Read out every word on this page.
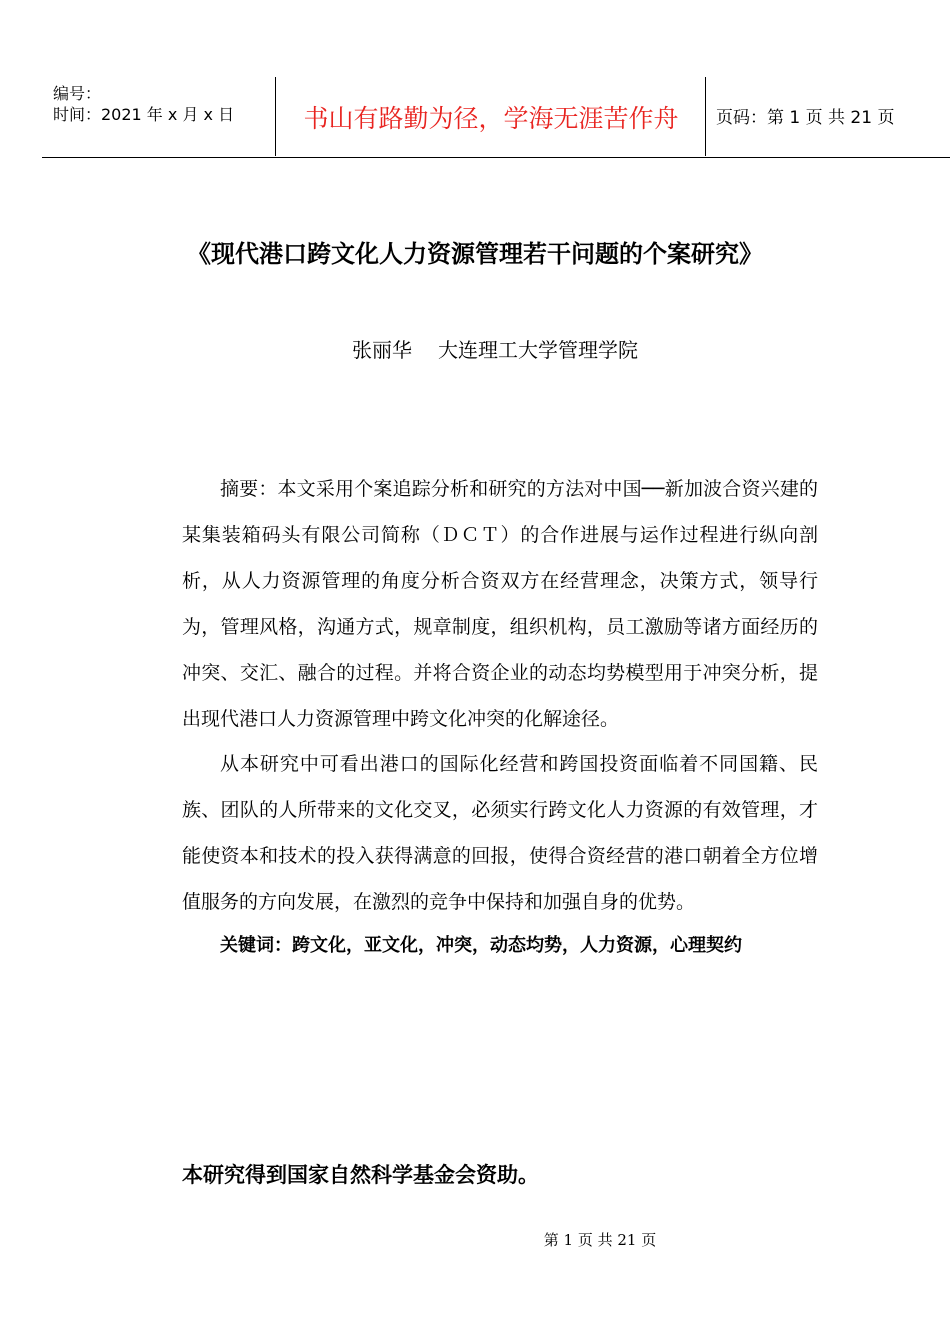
编号：
时间：2021 年 x 月 x 日	书山有路勤为径，学海无涯苦作舟	页码：第 1 页 共 21 页
《现代港口跨文化人力资源管理若干问题的个案研究》
张丽华 大连理工大学管理学院

摘要：本文采用个案追踪分析和研究的方法对中国──新加波合资兴建的某集装箱码头有限公司简称（ＤＣＴ）的合作进展与运作过程进行纵向剖析，从人力资源管理的角度分析合资双方在经营理念，决策方式，领导行为，管理风格，沟通方式，规章制度，组织机构，员工激励等诸方面经历的冲突、交汇、融合的过程。并将合资企业的动态均势模型用于冲突分析，提出现代港口人力资源管理中跨文化冲突的化解途径。

从本研究中可看出港口的国际化经营和跨国投资面临着不同国籍、民族、团队的人所带来的文化交叉，必须实行跨文化人力资源的有效管理，才能使资本和技术的投入获得满意的回报，使得合资经营的港口朝着全方位增值服务的方向发展，在激烈的竞争中保持和加强自身的优势。

关键词：跨文化，亚文化，冲突，动态均势，人力资源，心理契约
本研究得到国家自然科学基金会资助。
第 1 页 共 21 页
